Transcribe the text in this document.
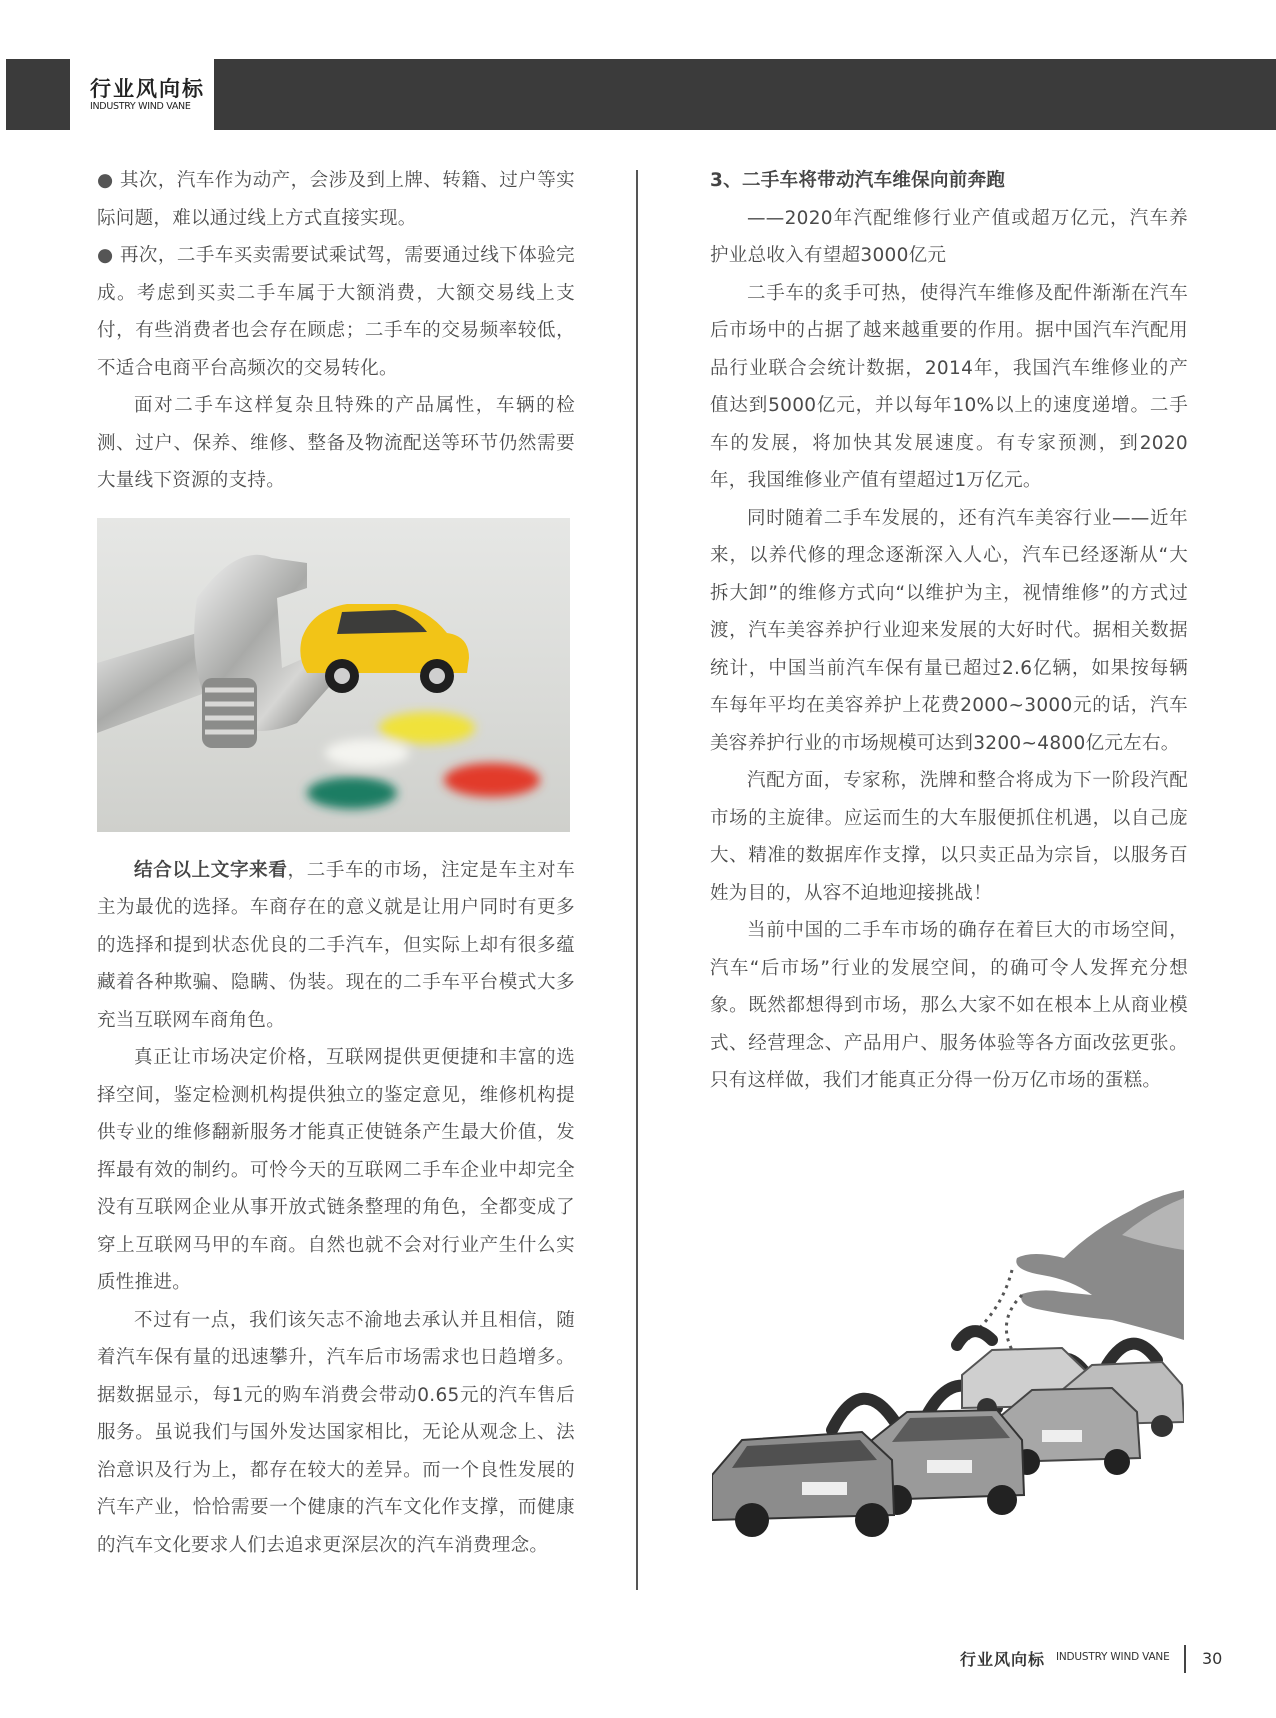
行业风向标
INDUSTRY WIND VANE

● 其次，汽车作为动产，会涉及到上牌、转籍、过户等实际问题，难以通过线上方式直接实现。

● 再次，二手车买卖需要试乘试驾，需要通过线下体验完成。考虑到买卖二手车属于大额消费，大额交易线上支付，有些消费者也会存在顾虑；二手车的交易频率较低，不适合电商平台高频次的交易转化。

面对二手车这样复杂且特殊的产品属性，车辆的检测、过户、保养、维修、整备及物流配送等环节仍然需要大量线下资源的支持。

结合以上文字来看，二手车的市场，注定是车主对车主为最优的选择。车商存在的意义就是让用户同时有更多的选择和提到状态优良的二手汽车，但实际上却有很多蕴藏着各种欺骗、隐瞒、伪装。现在的二手车平台模式大多充当互联网车商角色。

真正让市场决定价格，互联网提供更便捷和丰富的选择空间，鉴定检测机构提供独立的鉴定意见，维修机构提供专业的维修翻新服务才能真正使链条产生最大价值，发挥最有效的制约。可怜今天的互联网二手车企业中却完全没有互联网企业从事开放式链条整理的角色，全都变成了穿上互联网马甲的车商。自然也就不会对行业产生什么实质性推进。

不过有一点，我们该矢志不渝地去承认并且相信，随着汽车保有量的迅速攀升，汽车后市场需求也日趋增多。据数据显示，每1元的购车消费会带动0.65元的汽车售后服务。虽说我们与国外发达国家相比，无论从观念上、法治意识及行为上，都存在较大的差异。而一个良性发展的汽车产业，恰恰需要一个健康的汽车文化作支撑，而健康的汽车文化要求人们去追求更深层次的汽车消费理念。

3、二手车将带动汽车维保向前奔跑

——2020年汽配维修行业产值或超万亿元，汽车养护业总收入有望超3000亿元

二手车的炙手可热，使得汽车维修及配件渐渐在汽车后市场中的占据了越来越重要的作用。据中国汽车汽配用品行业联合会统计数据，2014年，我国汽车维修业的产值达到5000亿元，并以每年10%以上的速度递增。二手车的发展，将加快其发展速度。有专家预测，到2020年，我国维修业产值有望超过1万亿元。

同时随着二手车发展的，还有汽车美容行业——近年来，以养代修的理念逐渐深入人心，汽车已经逐渐从“大拆大卸”的维修方式向“以维护为主，视情维修”的方式过渡，汽车美容养护行业迎来发展的大好时代。据相关数据统计，中国当前汽车保有量已超过2.6亿辆，如果按每辆车每年平均在美容养护上花费2000~3000元的话，汽车美容养护行业的市场规模可达到3200~4800亿元左右。

汽配方面，专家称，洗牌和整合将成为下一阶段汽配市场的主旋律。应运而生的大车服便抓住机遇，以自己庞大、精准的数据库作支撑，以只卖正品为宗旨，以服务百姓为目的，从容不迫地迎接挑战！

当前中国的二手车市场的确存在着巨大的市场空间，汽车“后市场”行业的发展空间，的确可令人发挥充分想象。既然都想得到市场，那么大家不如在根本上从商业模式、经营理念、产品用户、服务体验等各方面改弦更张。只有这样做，我们才能真正分得一份万亿市场的蛋糕。

行业风向标 INDUSTRY WIND VANE 30
